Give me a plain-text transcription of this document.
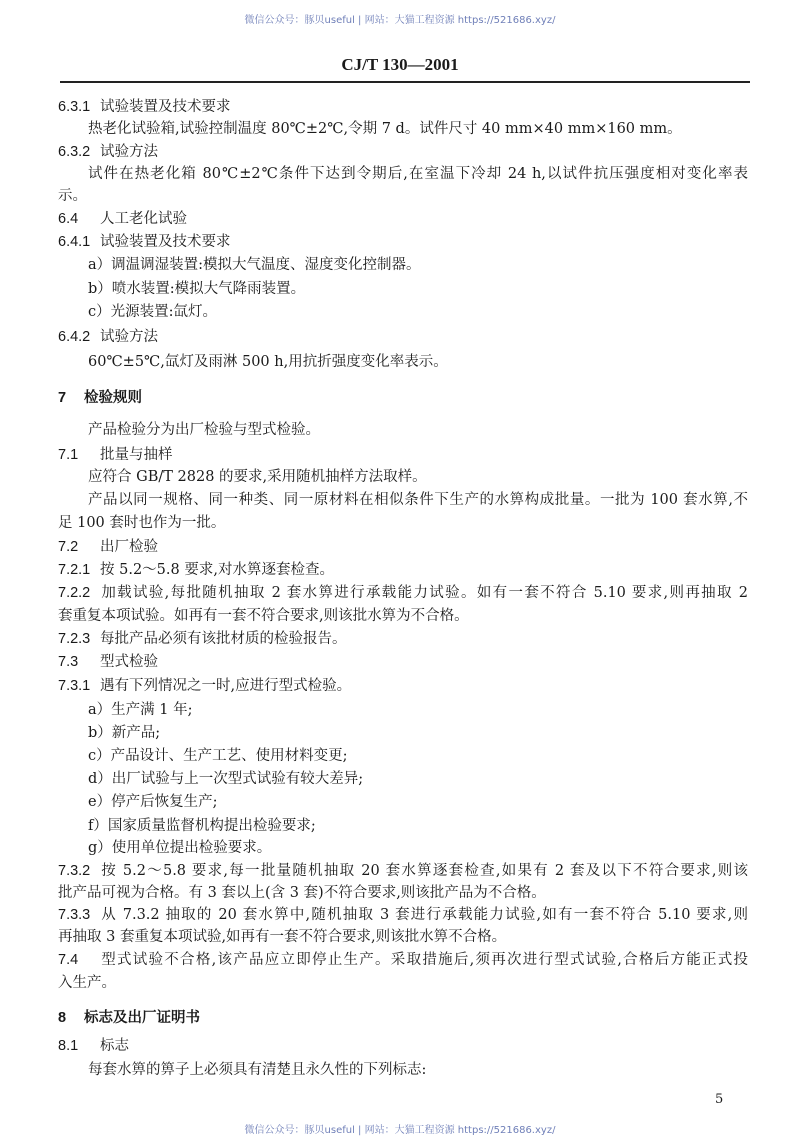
微信公众号：豚贝useful | 网站：大猫工程资源 https://521686.xyz/
CJ/T 130—2001
6.3.1 试验装置及技术要求
热老化试验箱,试验控制温度 80℃±2℃,令期 7 d。试件尺寸 40 mm×40 mm×160 mm。
6.3.2 试验方法
试件在热老化箱 80℃±2℃条件下达到令期后,在室温下冷却 24 h,以试件抗压强度相对变化率表
示。
6.4 人工老化试验
6.4.1 试验装置及技术要求
a）调温调湿装置:模拟大气温度、湿度变化控制器。
b）喷水装置:模拟大气降雨装置。
c）光源装置:氙灯。
6.4.2 试验方法
60℃±5℃,氙灯及雨淋 500 h,用抗折强度变化率表示。
7 检验规则
产品检验分为出厂检验与型式检验。
7.1 批量与抽样
应符合 GB/T 2828 的要求,采用随机抽样方法取样。
产品以同一规格、同一种类、同一原材料在相似条件下生产的水箅构成批量。一批为 100 套水箅,不
足 100 套时也作为一批。
7.2 出厂检验
7.2.1 按 5.2～5.8 要求,对水箅逐套检查。
7.2.2 加载试验,每批随机抽取 2 套水箅进行承载能力试验。如有一套不符合 5.10 要求,则再抽取 2
套重复本项试验。如再有一套不符合要求,则该批水箅为不合格。
7.2.3 每批产品必须有该批材质的检验报告。
7.3 型式检验
7.3.1 遇有下列情况之一时,应进行型式检验。
a）生产满 1 年;
b）新产品;
c）产品设计、生产工艺、使用材料变更;
d）出厂试验与上一次型式试验有较大差异;
e）停产后恢复生产;
f）国家质量监督机构提出检验要求;
g）使用单位提出检验要求。
7.3.2 按 5.2～5.8 要求,每一批量随机抽取 20 套水箅逐套检查,如果有 2 套及以下不符合要求,则该
批产品可视为合格。有 3 套以上(含 3 套)不符合要求,则该批产品为不合格。
7.3.3 从 7.3.2 抽取的 20 套水箅中,随机抽取 3 套进行承载能力试验,如有一套不符合 5.10 要求,则
再抽取 3 套重复本项试验,如再有一套不符合要求,则该批水箅不合格。
7.4 型式试验不合格,该产品应立即停止生产。采取措施后,须再次进行型式试验,合格后方能正式投
入生产。
8 标志及出厂证明书
8.1 标志
每套水箅的箅子上必须具有清楚且永久性的下列标志:
5
微信公众号：豚贝useful | 网站：大猫工程资源 https://521686.xyz/
